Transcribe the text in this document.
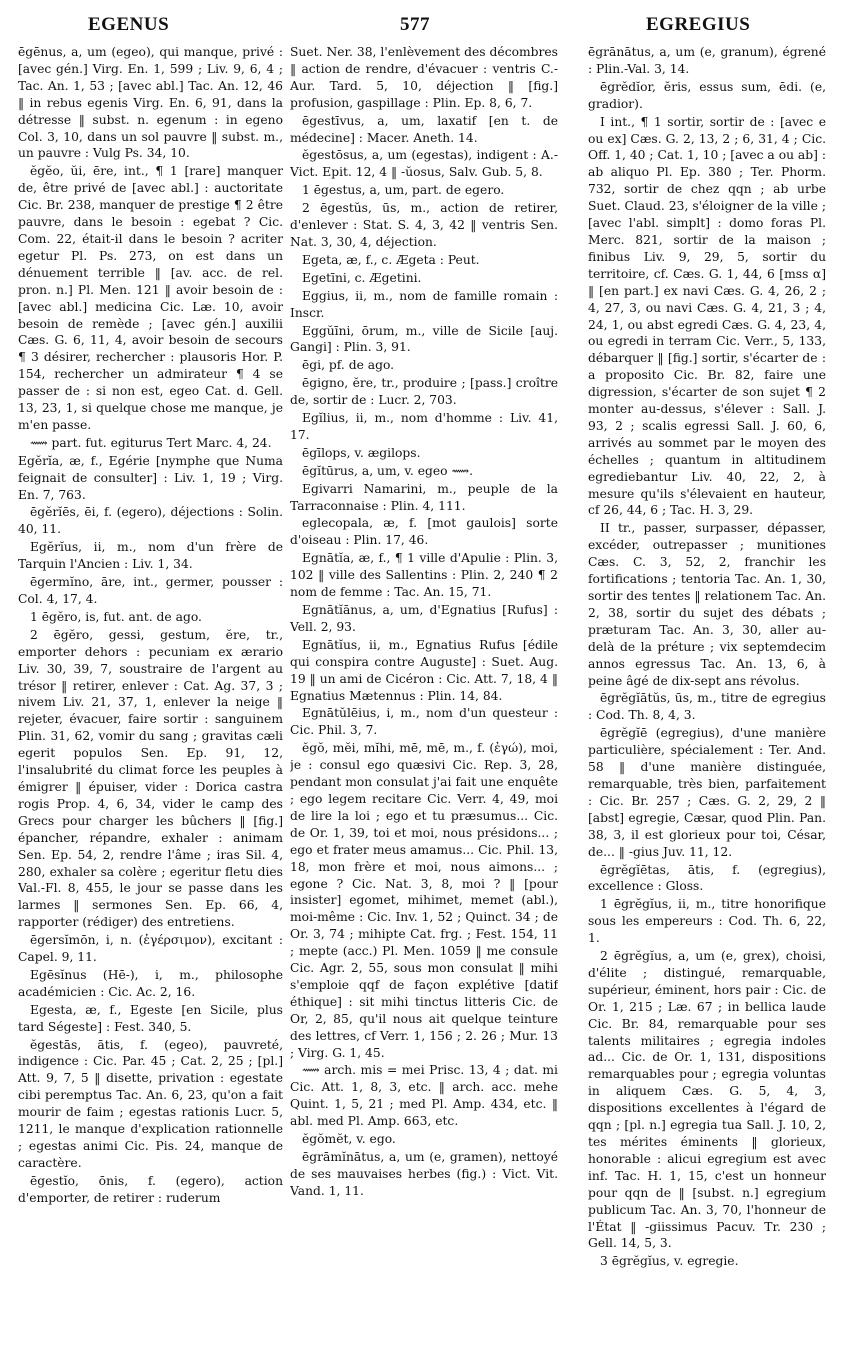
EGENUS	577	EGREGIUS

ēgēnus, a, um (egeo), qui manque, privé : [avec gén.] Virg. En. 1, 599 ; Liv. 9, 6, 4 ; Tac. An. 1, 53 ; [avec abl.] Tac. An. 12, 46 ‖ in rebus egenis Virg. En. 6, 91, dans la détresse ‖ subst. n. egenum : in egeno Col. 3, 10, dans un sol pauvre ‖ subst. m., un pauvre : Vulg Ps. 34, 10.

ĕgĕo, ŭi, ēre, int., ¶ 1 [rare] manquer de, être privé de [avec abl.] : auctoritate Cic. Br. 238, manquer de prestige ¶ 2 être pauvre, dans le besoin : egebat ? Cic. Com. 22, était-il dans le besoin ? acriter egetur Pl. Ps. 273, on est dans un dénuement terrible ‖ [av. acc. de rel. pron. n.] Pl. Men. 121 ‖ avoir besoin de : [avec abl.] medicina Cic. Læ. 10, avoir besoin de remède ; [avec gén.] auxilii Cæs. G. 6, 11, 4, avoir besoin de secours ¶ 3 désirer, rechercher : plausoris Hor. P. 154, rechercher un admirateur ¶ 4 se passer de : si non est, egeo Cat. d. Gell. 13, 23, 1, si quelque chose me manque, je m'en passe.

⟿ part. fut. egiturus Tert Marc. 4, 24.

Egĕrĭa, æ, f., Egérie [nymphe que Numa feignait de consulter] : Liv. 1, 19 ; Virg. En. 7, 763.

ēgĕrĭēs, ēi, f. (egero), déjections : Solin. 40, 11.

Egĕrĭus, ii, m., nom d'un frère de Tarquin l'Ancien : Liv. 1, 34.

ēgermĭno, āre, int., germer, pousser : Col. 4, 17, 4.

1 ēgĕro, is, fut. ant. de ago.

2 ēgĕro, gessi, gestum, ĕre, tr., emporter dehors : pecuniam ex ærario Liv. 30, 39, 7, soustraire de l'argent au trésor ‖ retirer, enlever : Cat. Ag. 37, 3 ; nivem Liv. 21, 37, 1, enlever la neige ‖ rejeter, évacuer, faire sortir : sanguinem Plin. 31, 62, vomir du sang ; gravitas cæli egerit populos Sen. Ep. 91, 12, l'insalubrité du climat force les peuples à émigrer ‖ épuiser, vider : Dorica castra rogis Prop. 4, 6, 34, vider le camp des Grecs pour charger les bûchers ‖ [fig.] épancher, répandre, exhaler : animam Sen. Ep. 54, 2, rendre l'âme ; iras Sil. 4, 280, exhaler sa colère ; egeritur fletu dies Val.-Fl. 8, 455, le jour se passe dans les larmes ‖ sermones Sen. Ep. 66, 4, rapporter (rédiger) des entretiens.

ēgersĭmōn, i, n. (ἐγέρσιμον), excitant : Capel. 9, 11.

Egēsĭnus (Hē-), i, m., philosophe académicien : Cic. Ac. 2, 16.

Egesta, æ, f., Egeste [en Sicile, plus tard Ségeste] : Fest. 340, 5.

ĕgestās, ātis, f. (egeo), pauvreté, indigence : Cic. Par. 45 ; Cat. 2, 25 ; [pl.] Att. 9, 7, 5 ‖ disette, privation : egestate cibi peremptus Tac. An. 6, 23, qu'on a fait mourir de faim ; egestas rationis Lucr. 5, 1211, le manque d'explication rationnelle ; egestas animi Cic. Pis. 24, manque de caractère.

ēgestĭo, ōnis, f. (egero), action d'emporter, de retirer : ruderum

Suet. Ner. 38, l'enlèvement des décombres ‖ action de rendre, d'évacuer : ventris C.-Aur. Tard. 5, 10, déjection ‖ [fig.] profusion, gaspillage : Plin. Ep. 8, 6, 7.

ēgestīvus, a, um, laxatif [en t. de médecine] : Macer. Aneth. 14.

ĕgestōsus, a, um (egestas), indigent : A.-Vict. Epit. 12, 4 ‖ -ŭosus, Salv. Gub. 5, 8.

1 ēgestus, a, um, part. de egero.

2 ēgestŭs, ūs, m., action de retirer, d'enlever : Stat. S. 4, 3, 42 ‖ ventris Sen. Nat. 3, 30, 4, déjection.

Egeta, æ, f., c. Ægeta : Peut.

Egetīni, c. Ægetini.

Eggius, ii, m., nom de famille romain : Inscr.

Eggŭīni, ōrum, m., ville de Sicile [auj. Gangi] : Plin. 3, 91.

ēgi, pf. de ago.

ēgigno, ĕre, tr., produire ; [pass.] croître de, sortir de : Lucr. 2, 703.

Egĭlius, ii, m., nom d'homme : Liv. 41, 17.

ēgīlops, v. ægilops.

ēgĭtūrus, a, um, v. egeo ⟿.

Egivarri Namarini, m., peuple de la Tarraconnaise : Plin. 4, 111.

eglecopala, æ, f. [mot gaulois] sorte d'oiseau : Plin. 17, 46.

Egnātĭa, æ, f., ¶ 1 ville d'Apulie : Plin. 3, 102 ‖ ville des Sallentins : Plin. 2, 240 ¶ 2 nom de femme : Tac. An. 15, 71.

Egnātĭānus, a, um, d'Egnatius [Rufus] : Vell. 2, 93.

Egnātĭus, ii, m., Egnatius Rufus [édile qui conspira contre Auguste] : Suet. Aug. 19 ‖ un ami de Cicéron : Cic. Att. 7, 18, 4 ‖ Egnatius Mætennus : Plin. 14, 84.

Egnātŭlēius, i, m., nom d'un questeur : Cic. Phil. 3, 7.

ĕgŏ, mĕi, mĭhi, mē, mē, m., f. (ἐγώ), moi, je : consul ego quæsivi Cic. Rep. 3, 28, pendant mon consulat j'ai fait une enquête ; ego legem recitare Cic. Verr. 4, 49, moi de lire la loi ; ego et tu præsumus... Cic. de Or. 1, 39, toi et moi, nous présidons... ; ego et frater meus amamus... Cic. Phil. 13, 18, mon frère et moi, nous aimons... ; egone ? Cic. Nat. 3, 8, moi ? ‖ [pour insister] egomet, mihimet, memet (abl.), moi-même : Cic. Inv. 1, 52 ; Quinct. 34 ; de Or. 3, 74 ; mihipte Cat. frg. ; Fest. 154, 11 ; mepte (acc.) Pl. Men. 1059 ‖ me consule Cic. Agr. 2, 55, sous mon consulat ‖ mihi s'emploie qqf de façon explétive [datif éthique] : sit mihi tinctus litteris Cic. de Or, 2, 85, qu'il nous ait quelque teinture des lettres, cf Verr. 1, 156 ; 2. 26 ; Mur. 13 ; Virg. G. 1, 45.

⟿ arch. mis = mei Prisc. 13, 4 ; dat. mi Cic. Att. 1, 8, 3, etc. ‖ arch. acc. mehe Quint. 1, 5, 21 ; med Pl. Amp. 434, etc. ‖ abl. med Pl. Amp. 663, etc.

ĕgŏmĕt, v. ego.

ēgrāmĭnātus, a, um (e, gramen), nettoyé de ses mauvaises herbes (fig.) : Vict. Vit. Vand. 1, 11.

ēgrānātus, a, um (e, granum), égrené : Plin.-Val. 3, 14.

ēgrĕdĭor, ĕris, essus sum, ēdi. (e, gradior).

I int., ¶ 1 sortir, sortir de : [avec e ou ex] Cæs. G. 2, 13, 2 ; 6, 31, 4 ; Cic. Off. 1, 40 ; Cat. 1, 10 ; [avec a ou ab] : ab aliquo Pl. Ep. 380 ; Ter. Phorm. 732, sortir de chez qqn ; ab urbe Suet. Claud. 23, s'éloigner de la ville ; [avec l'abl. simplt] : domo foras Pl. Merc. 821, sortir de la maison ; finibus Liv. 9, 29, 5, sortir du territoire, cf. Cæs. G. 1, 44, 6 [mss α] ‖ [en part.] ex navi Cæs. G. 4, 26, 2 ; 4, 27, 3, ou navi Cæs. G. 4, 21, 3 ; 4, 24, 1, ou abst egredi Cæs. G. 4, 23, 4, ou egredi in terram Cic. Verr., 5, 133, débarquer ‖ [fig.] sortir, s'écarter de : a proposito Cic. Br. 82, faire une digression, s'écarter de son sujet ¶ 2 monter au-dessus, s'élever : Sall. J. 93, 2 ; scalis egressi Sall. J. 60, 6, arrivés au sommet par le moyen des échelles ; quantum in altitudinem egrediebantur Liv. 40, 22, 2, à mesure qu'ils s'élevaient en hauteur, cf 26, 44, 6 ; Tac. H. 3, 29.

II tr., passer, surpasser, dépasser, excéder, outrepasser ; munitiones Cæs. C. 3, 52, 2, franchir les fortifications ; tentoria Tac. An. 1, 30, sortir des tentes ‖ relationem Tac. An. 2, 38, sortir du sujet des débats ; præturam Tac. An. 3, 30, aller au-delà de la préture ; vix septemdecim annos egressus Tac. An. 13, 6, à peine âgé de dix-sept ans révolus.

ēgrĕgĭātŭs, ūs, m., titre de egregius : Cod. Th. 8, 4, 3.

ēgrĕgĭē (egregius), d'une manière particulière, spécialement : Ter. And. 58 ‖ d'une manière distinguée, remarquable, très bien, parfaitement : Cic. Br. 257 ; Cæs. G. 2, 29, 2 ‖ [abst] egregie, Cæsar, quod Plin. Pan. 38, 3, il est glorieux pour toi, César, de... ‖ -gius Juv. 11, 12.

ēgrĕgĭētas, ātis, f. (egregius), excellence : Gloss.

1 ēgrĕgĭus, ii, m., titre honorifique sous les empereurs : Cod. Th. 6, 22, 1.

2 ēgrĕgĭus, a, um (e, grex), choisi, d'élite ; distingué, remarquable, supérieur, éminent, hors pair : Cic. de Or. 1, 215 ; Læ. 67 ; in bellica laude Cic. Br. 84, remarquable pour ses talents militaires ; egregia indoles ad... Cic. de Or. 1, 131, dispositions remarquables pour ; egregia voluntas in aliquem Cæs. G. 5, 4, 3, dispositions excellentes à l'égard de qqn ; [pl. n.] egregia tua Sall. J. 10, 2, tes mérites éminents ‖ glorieux, honorable : alicui egregium est avec inf. Tac. H. 1, 15, c'est un honneur pour qqn de ‖ [subst. n.] egregium publicum Tac. An. 3, 70, l'honneur de l'État ‖ -giissimus Pacuv. Tr. 230 ; Gell. 14, 5, 3.

3 ēgrĕgĭus, v. egregie.
